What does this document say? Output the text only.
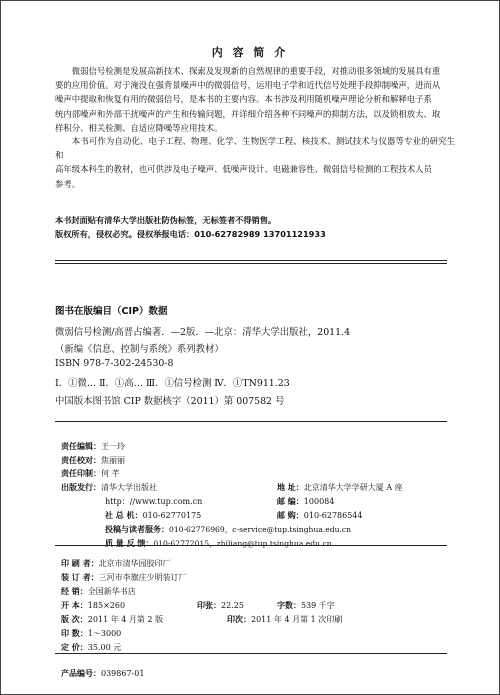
内 容 简 介
微弱信号检测是发展高新技术、探索及发现新的自然规律的重要手段，对推动很多领域的发展具有重
要的应用价值。对于淹没在强背景噪声中的微弱信号，运用电子学和近代信号处理手段抑制噪声，进而从
噪声中提取和恢复有用的微弱信号，是本书的主要内容。本书涉及利用随机噪声理论分析和解释电子系
统内部噪声和外部干扰噪声的产生和传输问题，并详细介绍各种不同噪声的抑制方法，以及锁相放大、取
样积分、相关检测、自适应降噪等应用技术。
本书可作为自动化、电子工程、物理、化学、生物医学工程、核技术、测试技术与仪器等专业的研究生和
高年级本科生的教材，也可供涉及电子噪声、低噪声设计、电磁兼容性、微弱信号检测的工程技术人员
参考。
本书封面贴有清华大学出版社防伪标签，无标签者不得销售。
版权所有，侵权必究。侵权举报电话：010-62782989 13701121933
图书在版编目（CIP）数据
微弱信号检测/高晋占编著．—2版．—北京：清华大学出版社，2011.4
（新编《信息、控制与系统》系列教材）
ISBN 978-7-302-24530-8
Ⅰ．①微… Ⅱ．①高… Ⅲ．①信号检测 Ⅳ．①TN911.23
中国版本图书馆 CIP 数据核字（2011）第 007582 号
责任编辑：王一玲
责任校对：焦丽丽
责任印制：何 芊
出版发行：清华大学出版社	地 址：北京清华大学学研大厦 A 座
http：//www.tup.com.cn	邮 编：100084
社 总 机：010-62770175	邮 购：010-62786544
投稿与读者服务：010-62776969，c-service@tup.tsinghua.edu.cn
质 量 反 馈：010-62772015，zhiliang@tup.tsinghua.edu.cn
印 刷 者：北京市清华园胶印厂
装 订 者：三河市李旗庄少明装订厂
经 销：全国新华书店
开 本：185×260	印张：22.25	字数：539 千字
版 次：2011 年 4 月第 2 版	印次：2011 年 4 月第 1 次印刷
印 数：1～3000
定 价：35.00 元
产品编号：039867-01
